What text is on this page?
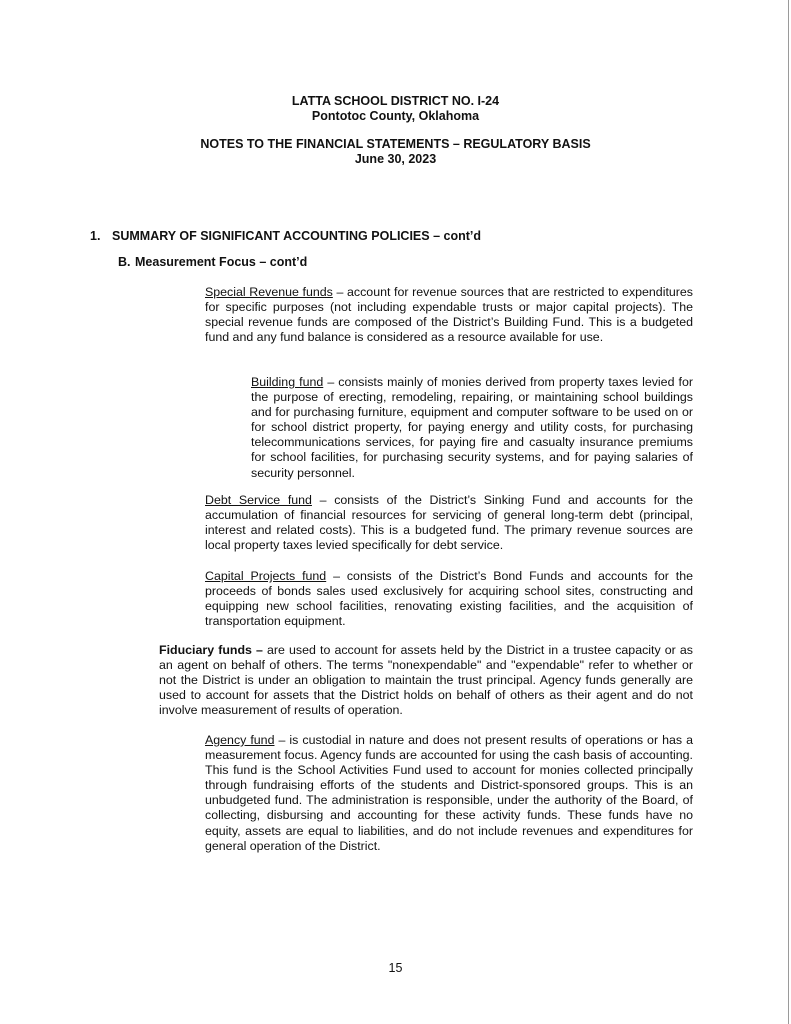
LATTA SCHOOL DISTRICT NO. I-24
Pontotoc County, Oklahoma
NOTES TO THE FINANCIAL STATEMENTS – REGULATORY BASIS
June 30, 2023
1. SUMMARY OF SIGNIFICANT ACCOUNTING POLICIES – cont’d
B. Measurement Focus – cont’d

Special Revenue funds – account for revenue sources that are restricted to expenditures for specific purposes (not including expendable trusts or major capital projects). The special revenue funds are composed of the District’s Building Fund. This is a budgeted fund and any fund balance is considered as a resource available for use.

Building fund – consists mainly of monies derived from property taxes levied for the purpose of erecting, remodeling, repairing, or maintaining school buildings and for purchasing furniture, equipment and computer software to be used on or for school district property, for paying energy and utility costs, for purchasing telecommunications services, for paying fire and casualty insurance premiums for school facilities, for purchasing security systems, and for paying salaries of security personnel.

Debt Service fund – consists of the District’s Sinking Fund and accounts for the accumulation of financial resources for servicing of general long-term debt (principal, interest and related costs). This is a budgeted fund. The primary revenue sources are local property taxes levied specifically for debt service.

Capital Projects fund – consists of the District’s Bond Funds and accounts for the proceeds of bonds sales used exclusively for acquiring school sites, constructing and equipping new school facilities, renovating existing facilities, and the acquisition of transportation equipment.

Fiduciary funds – are used to account for assets held by the District in a trustee capacity or as an agent on behalf of others. The terms "nonexpendable" and "expendable" refer to whether or not the District is under an obligation to maintain the trust principal. Agency funds generally are used to account for assets that the District holds on behalf of others as their agent and do not involve measurement of results of operation.

Agency fund – is custodial in nature and does not present results of operations or has a measurement focus. Agency funds are accounted for using the cash basis of accounting. This fund is the School Activities Fund used to account for monies collected principally through fundraising efforts of the students and District-sponsored groups. This is an unbudgeted fund. The administration is responsible, under the authority of the Board, of collecting, disbursing and accounting for these activity funds. These funds have no equity, assets are equal to liabilities, and do not include revenues and expenditures for general operation of the District.

15
